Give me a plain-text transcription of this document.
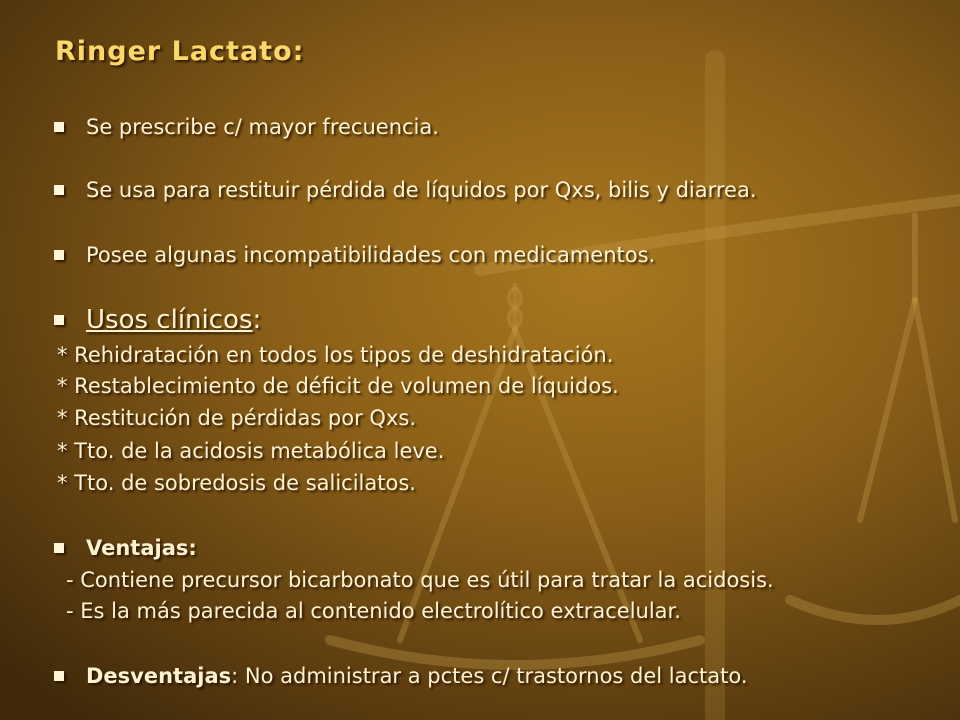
Ringer Lactato:
Se prescribe c/ mayor frecuencia.
Se usa para restituir pérdida de líquidos por Qxs, bilis y diarrea.
Posee algunas incompatibilidades con medicamentos.
Usos clínicos :
* Rehidratación en todos los tipos de deshidratación.
* Restablecimiento de déficit de volumen de líquidos.
* Restitución de pérdidas por Qxs.
* Tto. de la acidosis metabólica leve.
* Tto. de sobredosis de salicilatos.
Ventajas:
- Contiene precursor bicarbonato que es útil para tratar la acidosis.
- Es la más parecida al contenido electrolítico extracelular.
Desventajas : No administrar a pctes c/ trastornos del lactato.
